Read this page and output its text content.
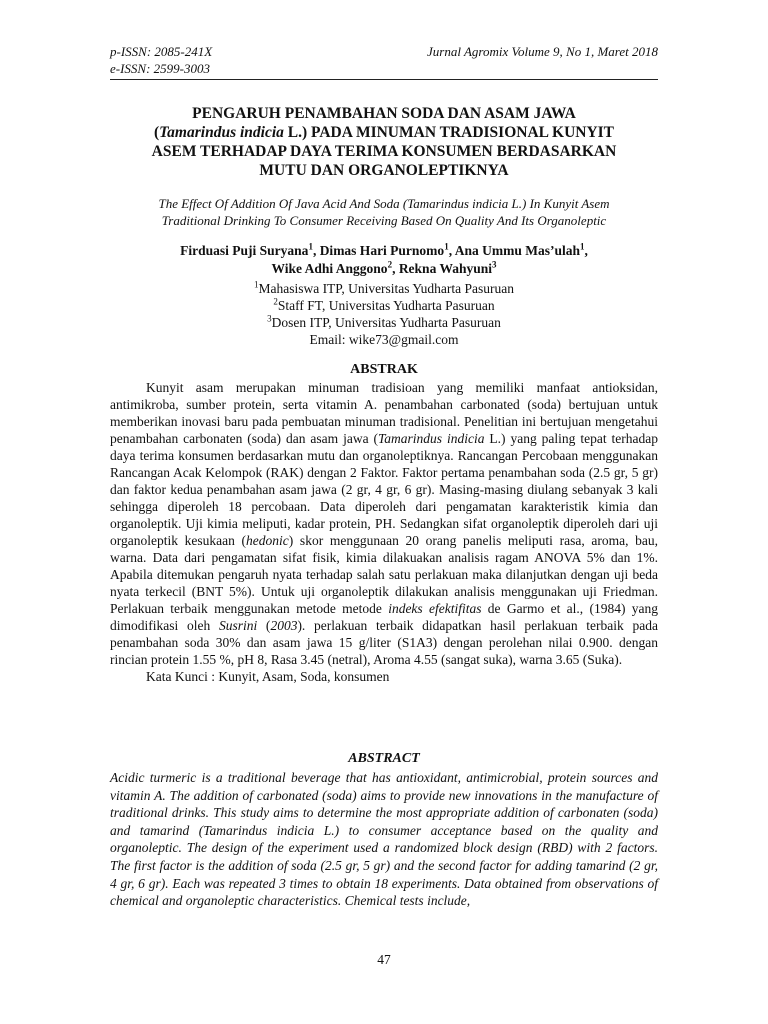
p-ISSN: 2085-241X	Jurnal Agromix Volume 9, No 1, Maret 2018
e-ISSN: 2599-3003
PENGARUH PENAMBAHAN SODA DAN ASAM JAWA
(Tamarindus indicia L.) PADA MINUMAN TRADISIONAL KUNYIT
ASEM TERHADAP DAYA TERIMA KONSUMEN BERDASARKAN
MUTU DAN ORGANOLEPTIKNYA
The Effect Of Addition Of Java Acid And Soda (Tamarindus indicia L.) In Kunyit Asem
Traditional Drinking To Consumer Receiving Based On Quality And Its Organoleptic
Firduasi Puji Suryana$^1$, Dimas Hari Purnomo$^1$, Ana Ummu Mas’ulah$^1$,
Wike Adhi Anggono$^2$, Rekna Wahyuni$^3$
$^1$Mahasiswa ITP, Universitas Yudharta Pasuruan
$^2$Staff FT, Universitas Yudharta Pasuruan
$^3$Dosen ITP, Universitas Yudharta Pasuruan
Email: wike73@gmail.com
ABSTRAK

Kunyit asam merupakan minuman tradisioan yang memiliki manfaat antioksidan, antimikroba, sumber protein, serta vitamin A. penambahan carbonated (soda) bertujuan untuk memberikan inovasi baru pada pembuatan minuman tradisional. Penelitian ini bertujuan mengetahui penambahan carbonaten (soda) dan asam jawa (Tamarindus indicia L.) yang paling tepat terhadap daya terima konsumen berdasarkan mutu dan organoleptiknya. Rancangan Percobaan menggunakan Rancangan Acak Kelompok (RAK) dengan 2 Faktor. Faktor pertama penambahan soda (2.5 gr, 5 gr) dan faktor kedua penambahan asam jawa (2 gr, 4 gr, 6 gr). Masing-masing diulang sebanyak 3 kali sehingga diperoleh 18 percobaan. Data diperoleh dari pengamatan karakteristik kimia dan organoleptik. Uji kimia meliputi, kadar protein, PH. Sedangkan sifat organoleptik diperoleh dari uji organoleptik kesukaan (hedonic) skor menggunaan 20 orang panelis meliputi rasa, aroma, bau, warna. Data dari pengamatan sifat fisik, kimia dilakuakan analisis ragam ANOVA 5% dan 1%. Apabila ditemukan pengaruh nyata terhadap salah satu perlakuan maka dilanjutkan dengan uji beda nyata terkecil (BNT 5%). Untuk uji organoleptik dilakukan analisis menggunakan uji Friedman. Perlakuan terbaik menggunakan metode metode indeks efektifitas de Garmo et al., (1984) yang dimodifikasi oleh Susrini (2003). perlakuan terbaik didapatkan hasil perlakuan terbaik pada penambahan soda 30% dan asam jawa 15 g/liter (S1A3) dengan perolehan nilai 0.900. dengan rincian protein 1.55 %, pH 8, Rasa 3.45 (netral), Aroma 4.55 (sangat suka), warna 3.65 (Suka).

Kata Kunci : Kunyit, Asam, Soda, konsumen

ABSTRACT

Acidic turmeric is a traditional beverage that has antioxidant, antimicrobial, protein sources and vitamin A. The addition of carbonated (soda) aims to provide new innovations in the manufacture of traditional drinks. This study aims to determine the most appropriate addition of carbonaten (soda) and tamarind (Tamarindus indicia L.) to consumer acceptance based on the quality and organoleptic. The design of the experiment used a randomized block design (RBD) with 2 factors. The first factor is the addition of soda (2.5 gr, 5 gr) and the second factor for adding tamarind (2 gr, 4 gr, 6 gr). Each was repeated 3 times to obtain 18 experiments. Data obtained from observations of chemical and organoleptic characteristics. Chemical tests include,

47
